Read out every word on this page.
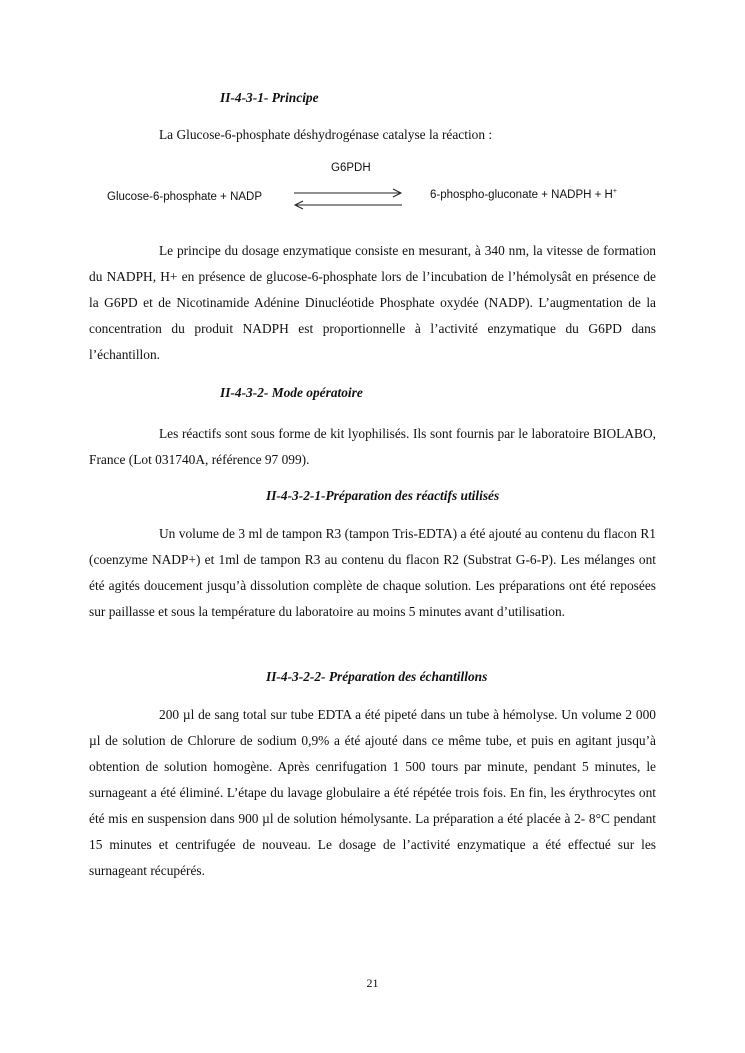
II-4-3-1- Principe
La Glucose-6-phosphate déshydrogénase catalyse la réaction :
G6PDH
Glucose-6-phosphate + NADP	6-phospho-gluconate + NADPH + H+

Le principe du dosage enzymatique consiste en mesurant, à 340 nm, la vitesse de formation du NADPH, H+ en présence de glucose-6-phosphate lors de l’incubation de l’hémolysât en présence de la G6PD et de Nicotinamide Adénine Dinucléotide Phosphate oxydée (NADP). L’augmentation de la concentration du produit NADPH est proportionnelle à l’activité enzymatique du G6PD dans l’échantillon.

II-4-3-2- Mode opératoire

Les réactifs sont sous forme de kit lyophilisés. Ils sont fournis par le laboratoire BIOLABO, France (Lot 031740A, référence 97 099).

II-4-3-2-1-Préparation des réactifs utilisés

Un volume de 3 ml de tampon R3 (tampon Tris-EDTA) a été ajouté au contenu du flacon R1 (coenzyme NADP+) et 1ml de tampon R3 au contenu du flacon R2 (Substrat G-6-P). Les mélanges ont été agités doucement jusqu’à dissolution complète de chaque solution. Les préparations ont été reposées sur paillasse et sous la température du laboratoire au moins 5 minutes avant d’utilisation.

II-4-3-2-2- Préparation des échantillons

200 µl de sang total sur tube EDTA a été pipeté dans un tube à hémolyse. Un volume 2 000 µl de solution de Chlorure de sodium 0,9% a été ajouté dans ce même tube, et puis en agitant jusqu’à obtention de solution homogène. Après cenrifugation 1 500 tours par minute, pendant 5 minutes, le surnageant a été éliminé. L’étape du lavage globulaire a été répétée trois fois. En fin, les érythrocytes ont été mis en suspension dans 900 µl de solution hémolysante. La préparation a été placée à 2- 8°C pendant 15 minutes et centrifugée de nouveau. Le dosage de l’activité enzymatique a été effectué sur les surnageant récupérés.

21
